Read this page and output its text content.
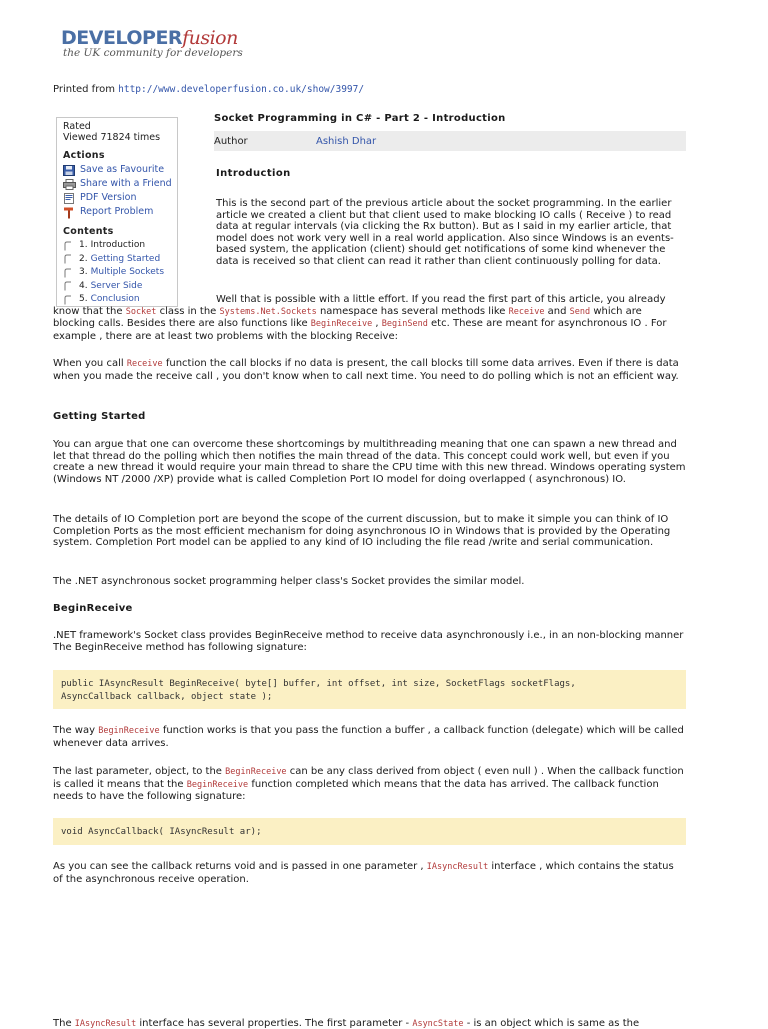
DEVELOPERfusion
the UK community for developers
Printed from http://www.developerfusion.co.uk/show/3997/
Rated
Viewed 71824 times
Actions
Save as Favourite
Share with a Friend
PDF Version
Report Problem
Contents
1. Introduction
2. Getting Started
3. Multiple Sockets
4. Server Side
5. Conclusion
Socket Programming in C# - Part 2 - Introduction
Author	Ashish Dhar
Introduction

This is the second part of the previous article about the socket programming. In the earlier article we created a client but that client used to make blocking IO calls ( Receive ) to read data at regular intervals (via clicking the Rx button). But as I said in my earlier article, that model does not work very well in a real world application. Also since Windows is an events-based system, the application (client) should get notifications of some kind whenever the data is received so that client can read it rather than client continuously polling for data.

Well that is possible with a little effort. If you read the first part of this article, you already know that the Socket class in the Systems.Net.Sockets namespace has several methods like Receive and Send which are blocking calls. Besides there are also functions like BeginReceive , BeginSend etc. These are meant for asynchronous IO . For example , there are at least two problems with the blocking Receive:

When you call Receive function the call blocks if no data is present, the call blocks till some data arrives. Even if there is data when you made the receive call , you don't know when to call next time. You need to do polling which is not an efficient way.

Getting Started

You can argue that one can overcome these shortcomings by multithreading meaning that one can spawn a new thread and let that thread do the polling which then notifies the main thread of the data. This concept could work well, but even if you create a new thread it would require your main thread to share the CPU time with this new thread. Windows operating system (Windows NT /2000 /XP) provide what is called Completion Port IO model for doing overlapped ( asynchronous) IO.

The details of IO Completion port are beyond the scope of the current discussion, but to make it simple you can think of IO Completion Ports as the most efficient mechanism for doing asynchronous IO in Windows that is provided by the Operating system. Completion Port model can be applied to any kind of IO including the file read /write and serial communication.

The .NET asynchronous socket programming helper class's Socket provides the similar model.

BeginReceive

.NET framework's Socket class provides BeginReceive method to receive data asynchronously i.e., in an non-blocking manner The BeginReceive method has following signature:

public IAsyncResult BeginReceive( byte[] buffer, int offset, int size, SocketFlags socketFlags,
AsyncCallback callback, object state );

The way BeginReceive function works is that you pass the function a buffer , a callback function (delegate) which will be called whenever data arrives.

The last parameter, object, to the BeginReceive can be any class derived from object ( even null ) . When the callback function is called it means that the BeginReceive function completed which means that the data has arrived. The callback function needs to have the following signature:

void AsyncCallback( IAsyncResult ar);

As you can see the callback returns void and is passed in one parameter , IAsyncResult interface , which contains the status of the asynchronous receive operation.

The IAsyncResult interface has several properties. The first parameter - AsyncState - is an object which is same as the
